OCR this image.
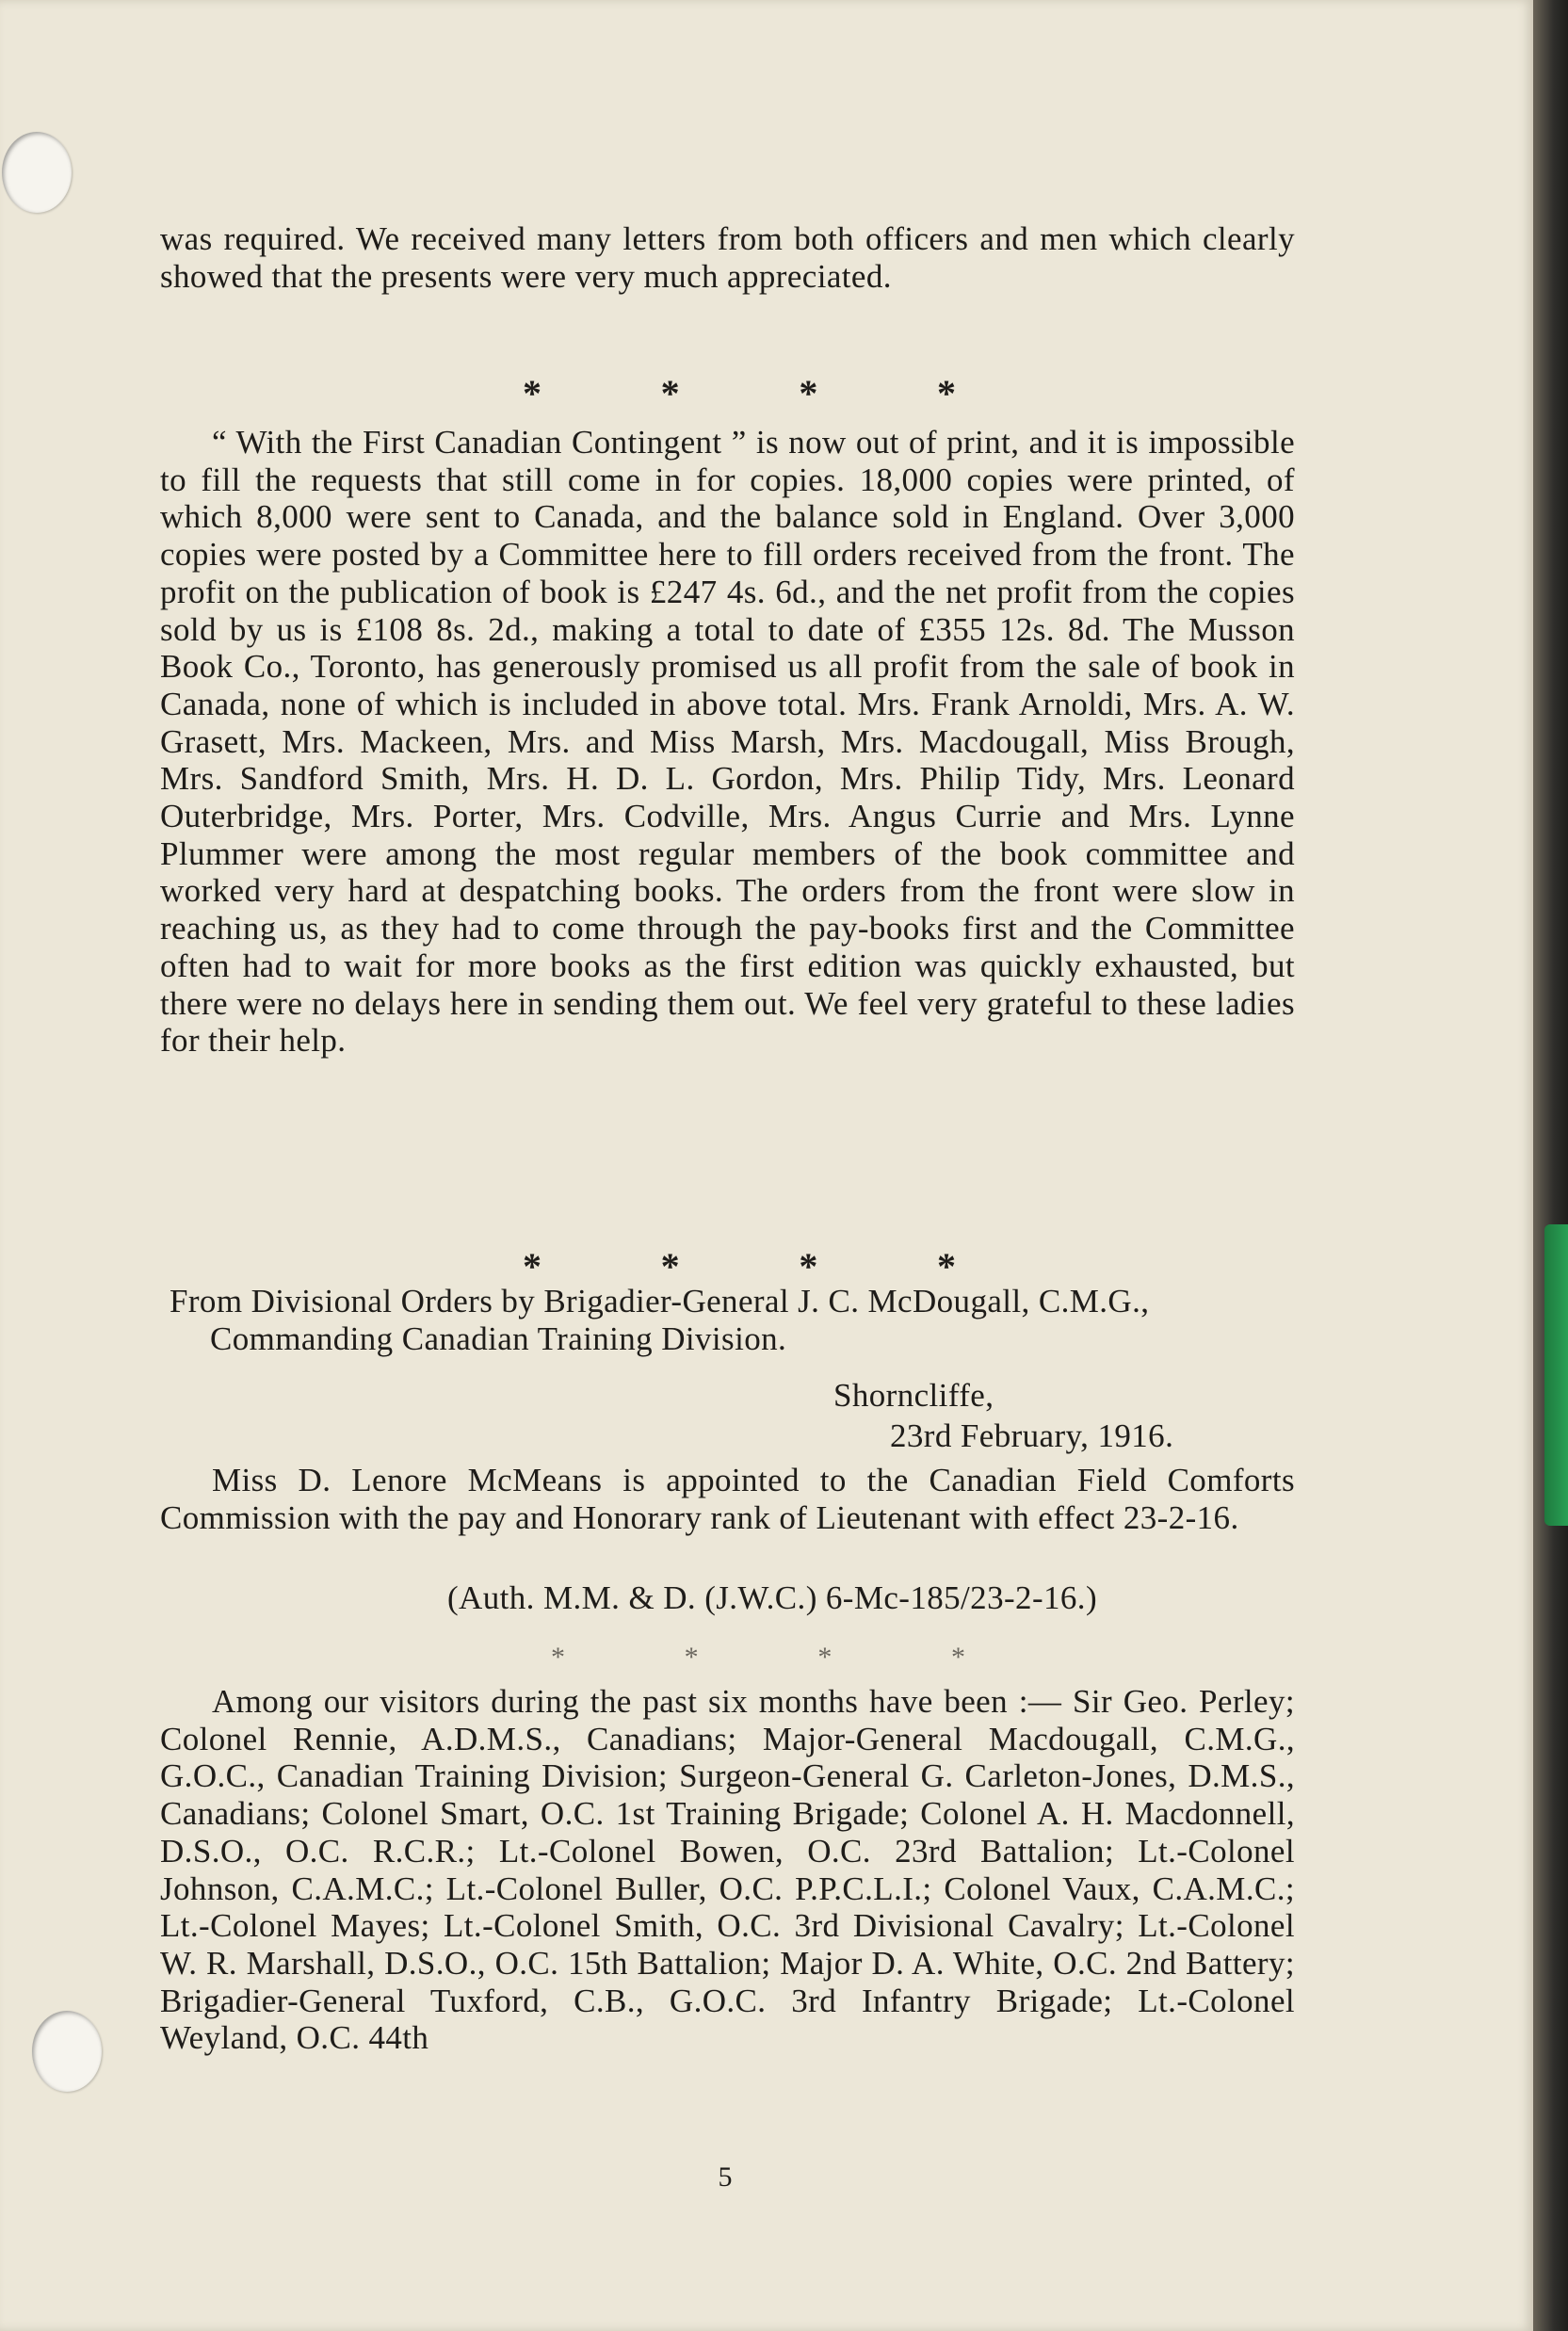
was required. We received many letters from both officers and men which clearly showed that the presents were very much appreciated.

*	*	*	*

“ With the First Canadian Contingent ” is now out of print, and it is impossible to fill the requests that still come in for copies. 18,000 copies were printed, of which 8,000 were sent to Canada, and the balance sold in England. Over 3,000 copies were posted by a Committee here to fill orders received from the front. The profit on the publication of book is £247 4s. 6d., and the net profit from the copies sold by us is £108 8s. 2d., making a total to date of £355 12s. 8d. The Musson Book Co., Toronto, has generously promised us all profit from the sale of book in Canada, none of which is included in above total. Mrs. Frank Arnoldi, Mrs. A. W. Grasett, Mrs. Mackeen, Mrs. and Miss Marsh, Mrs. Macdougall, Miss Brough, Mrs. Sandford Smith, Mrs. H. D. L. Gordon, Mrs. Philip Tidy, Mrs. Leonard Outerbridge, Mrs. Porter, Mrs. Codville, Mrs. Angus Currie and Mrs. Lynne Plummer were among the most regular members of the book committee and worked very hard at despatching books. The orders from the front were slow in reaching us, as they had to come through the pay-books first and the Committee often had to wait for more books as the first edition was quickly exhausted, but there were no delays here in sending them out. We feel very grateful to these ladies for their help.

*	*	*	*

From Divisional Orders by Brigadier-General J. C. McDougall, C.M.G., Commanding Canadian Training Division.

Shorncliffe,

23rd February, 1916.

Miss D. Lenore McMeans is appointed to the Canadian Field Comforts Commission with the pay and Honorary rank of Lieutenant with effect 23-2-16.

(Auth. M.M. & D. (J.W.C.) 6-Mc-185/23-2-16.)

*	*	*	*

Among our visitors during the past six months have been :— Sir Geo. Perley; Colonel Rennie, A.D.M.S., Canadians; Major-General Macdougall, C.M.G., G.O.C., Canadian Training Division; Surgeon-General G. Carleton-Jones, D.M.S., Canadians; Colonel Smart, O.C. 1st Training Brigade; Colonel A. H. Macdonnell, D.S.O., O.C. R.C.R.; Lt.-Colonel Bowen, O.C. 23rd Battalion; Lt.-Colonel Johnson, C.A.M.C.; Lt.-Colonel Buller, O.C. P.P.C.L.I.; Colonel Vaux, C.A.M.C.; Lt.-Colonel Mayes; Lt.-Colonel Smith, O.C. 3rd Divisional Cavalry; Lt.-Colonel W. R. Marshall, D.S.O., O.C. 15th Battalion; Major D. A. White, O.C. 2nd Battery; Brigadier-General Tuxford, C.B., G.O.C. 3rd Infantry Brigade; Lt.-Colonel Weyland, O.C. 44th

5
